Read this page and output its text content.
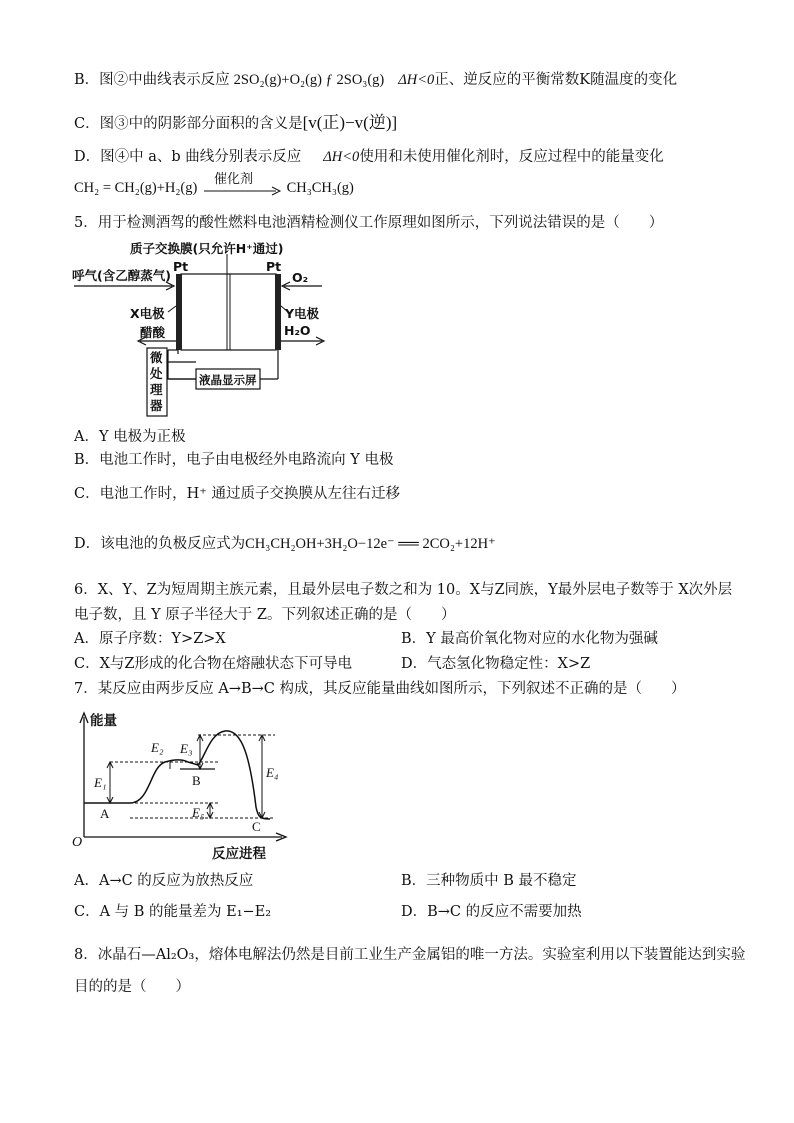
B．图②中曲线表示反应 2SO₂(g)+O₂(g) ƒ 2SO₃(g) ΔH<0正、逆反应的平衡常数K随温度的变化
C．图③中的阴影部分面积的含义是[v(正)−v(逆)]
D．图④中 a、b 曲线分别表示反应 ΔH<0使用和未使用催化剂时，反应过程中的能量变化
CH₂ = CH₂(g)+H₂(g)
催化剂
CH₃CH₃(g)
5．用于检测酒驾的酸性燃料电池酒精检测仪工作原理如图所示，下列说法错误的是（　　）
质子交换膜(只允许H⁺通过)
Pt	Pt
呼气(含乙醇蒸气)	O₂
X电极	Y电极
醋酸	H₂O
微处理器
液晶显示屏
A．Y 电极为正极
B．电池工作时，电子由电极经外电路流向 Y 电极
C．电池工作时，H⁺ 通过质子交换膜从左往右迁移
D．该电池的负极反应式为CH₃CH₂OH+3H₂O−12e⁻ ══ 2CO₂+12H⁺
6．X、Y、Z为短周期主族元素，且最外层电子数之和为 10。X与Z同族，Y最外层电子数等于 X次外层
电子数，且 Y 原子半径大于 Z。下列叙述正确的是（　　）
A．原子序数：Y>Z>X	B．Y 最高价氧化物对应的水化物为强碱
C．X与Z形成的化合物在熔融状态下可导电	D．气态氢化物稳定性：X>Z
7．某反应由两步反应 A→B→C 构成，其反应能量曲线如图所示，下列叙述不正确的是（　　）
能量
反应进程
O
A
B
C
E₁
E₂ E₃
E₄
E₅
A．A→C 的反应为放热反应	B．三种物质中 B 最不稳定
C．A 与 B 的能量差为 E₁−E₂	D．B→C 的反应不需要加热
8．冰晶石—Al₂O₃，熔体电解法仍然是目前工业生产金属铝的唯一方法。实验室利用以下装置能达到实验
目的的是（　　）
